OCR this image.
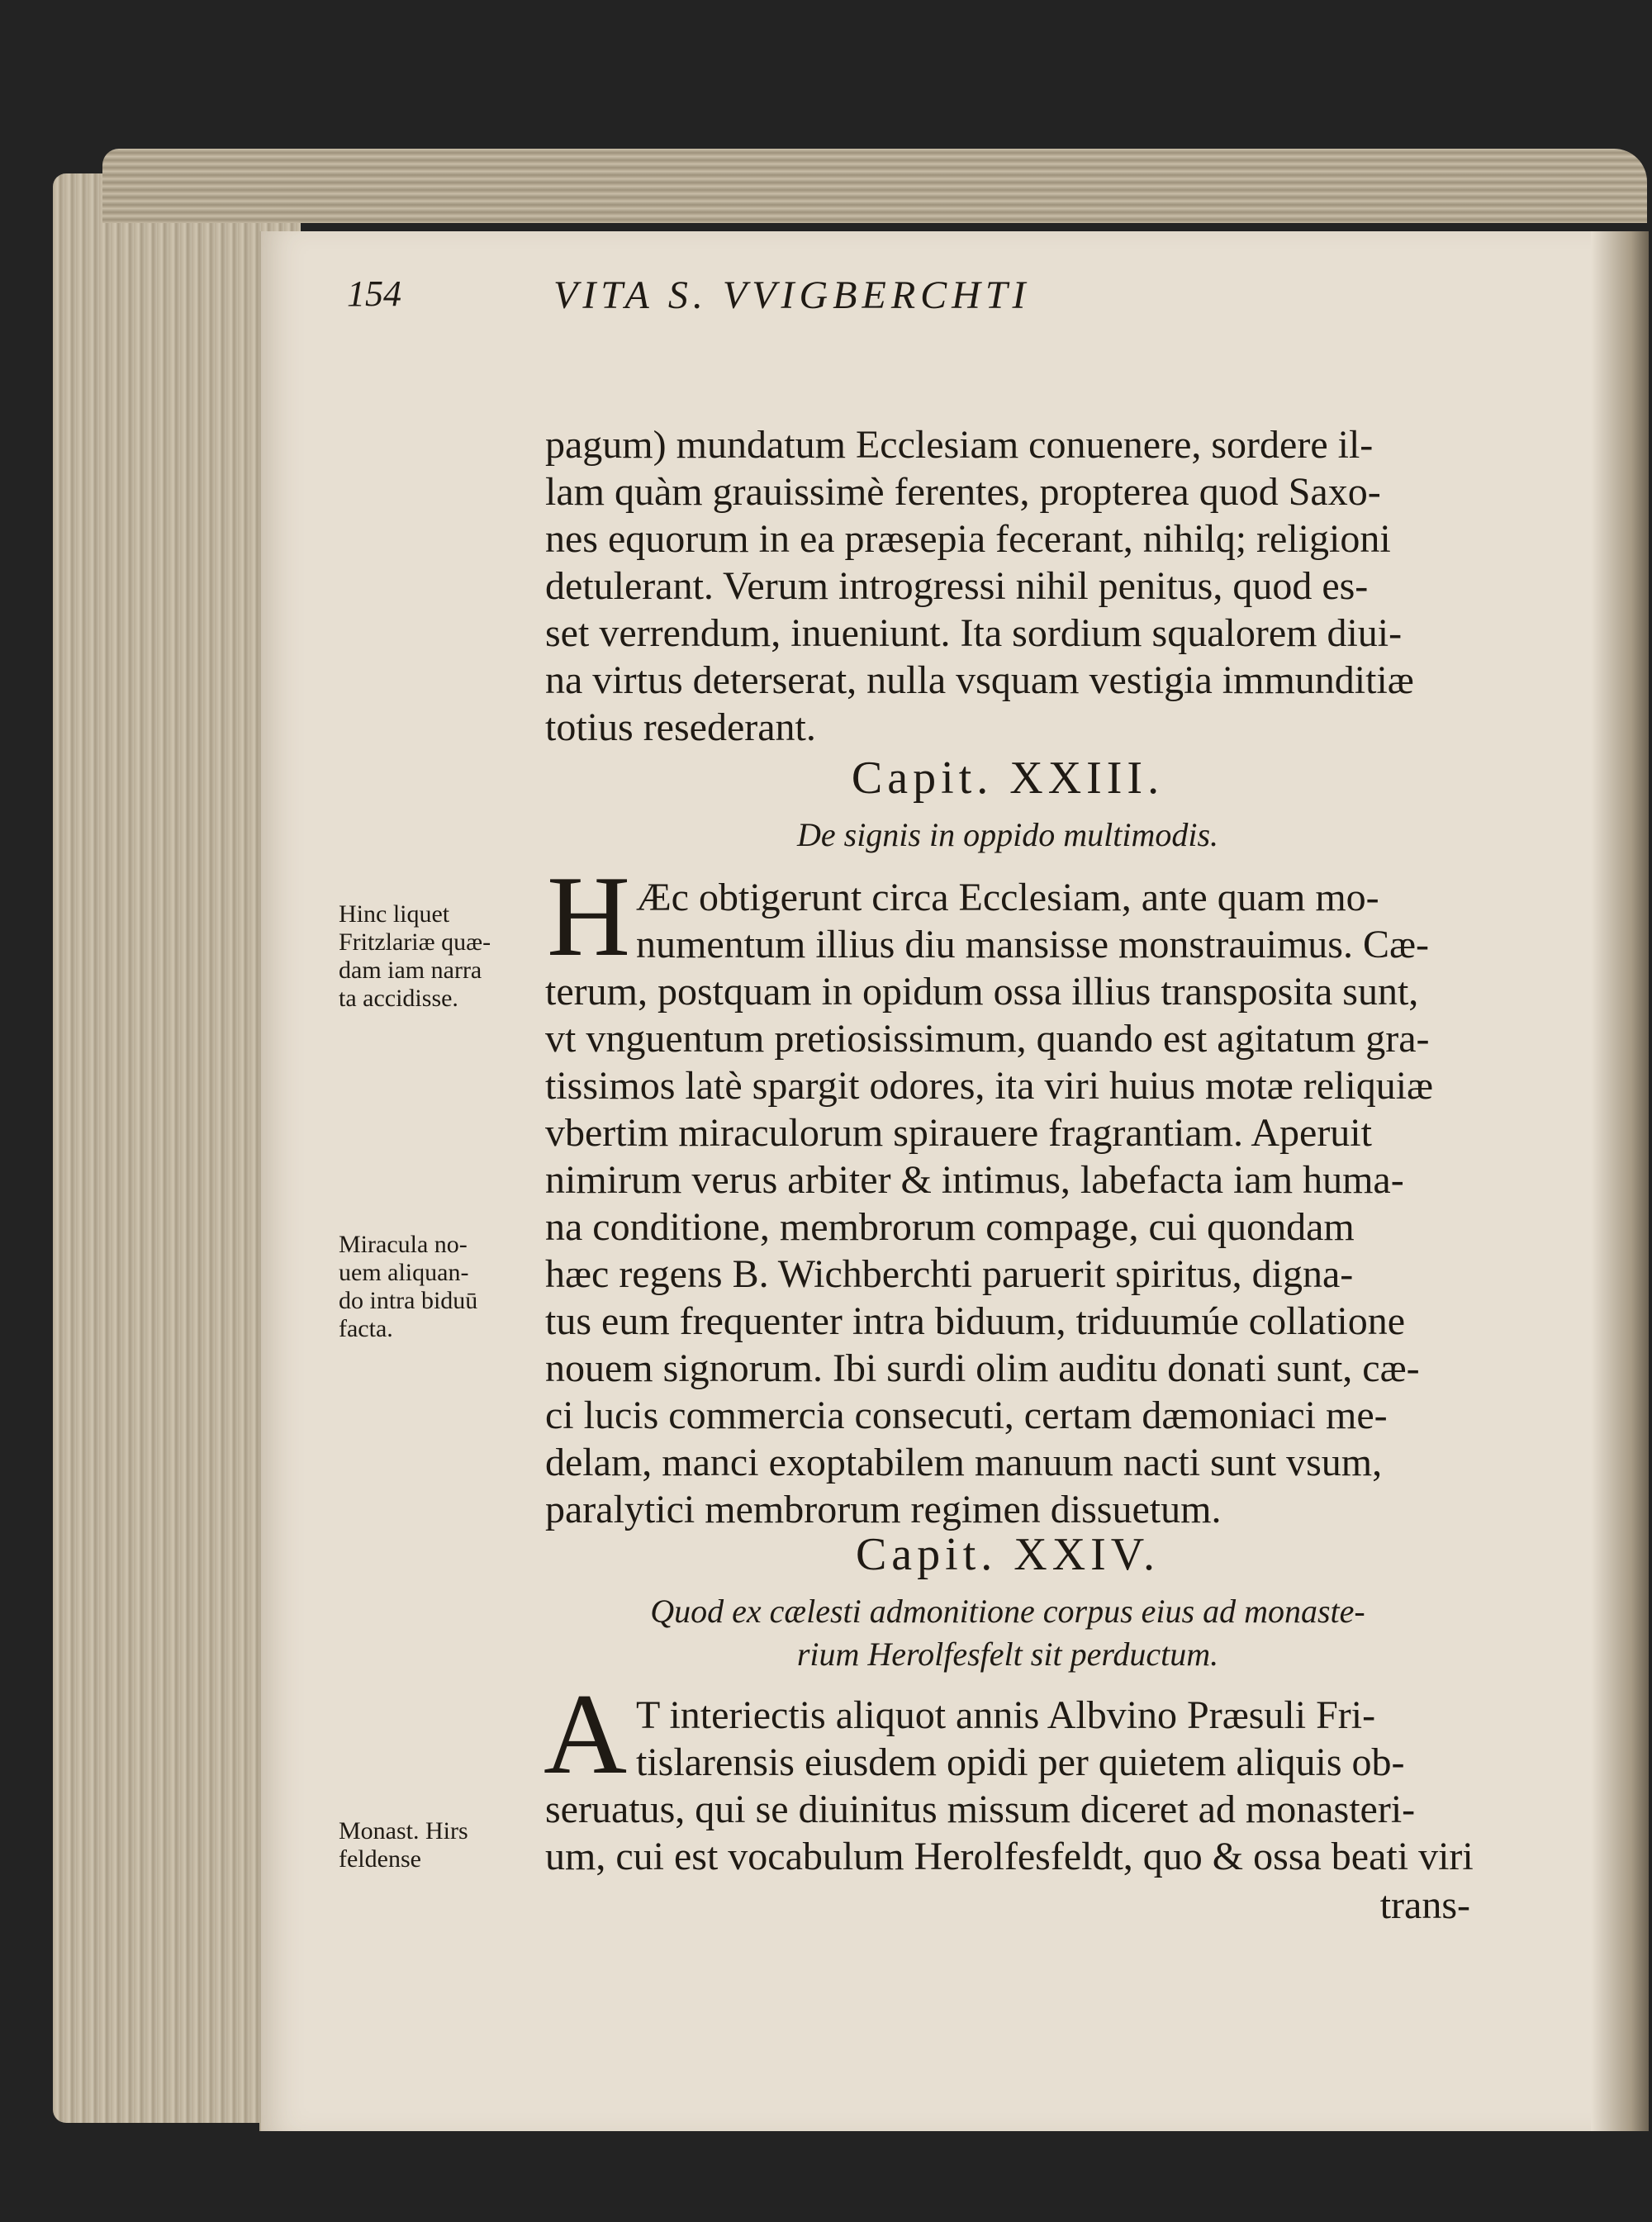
154	VITA S. VVIGBERCHTI
pagum) mundatum Ecclesiam conuenere, sordere il-
lam quàm grauissimè ferentes, propterea quod Saxo-
nes equorum in ea præsepia fecerant, nihilq; religioni
detulerant. Verum introgressi nihil penitus, quod es-
set verrendum, inueniunt. Ita sordium squalorem diui-
na virtus deterserat, nulla vsquam vestigia immunditiæ
totius resederant.
Capit. XXIII.
De signis in oppido multimodis.
H Æc obtigerunt circa Ecclesiam, ante quam mo-
numentum illius diu mansisse monstrauimus. Cæ-
terum, postquam in opidum ossa illius transposita sunt,
vt vnguentum pretiosissimum, quando est agitatum gra-
tissimos latè spargit odores, ita viri huius motæ reliquiæ
vbertim miraculorum spirauere fragrantiam. Aperuit
nimirum verus arbiter & intimus, labefacta iam huma-
na conditione, membrorum compage, cui quondam
hæc regens B. Wichberchti paruerit spiritus, digna-
tus eum frequenter intra biduum, triduumúe collatione
nouem signorum. Ibi surdi olim auditu donati sunt, cæ-
ci lucis commercia consecuti, certam dæmoniaci me-
delam, manci exoptabilem manuum nacti sunt vsum,
paralytici membrorum regimen dissuetum.
Capit. XXIV.
Quod ex cælesti admonitione corpus eius ad monaste-
rium Herolfesfelt sit perductum.
A T interiectis aliquot annis Albvino Præsuli Fri-
tislarensis eiusdem opidi per quietem aliquis ob-
seruatus, qui se diuinitus missum diceret ad monasteri-
um, cui est vocabulum Herolfesfeldt, quo & ossa beati viri
trans-
Hinc liquet
Fritzlariæ quæ-
dam iam narra
ta accidisse.
Miracula no-
uem aliquan-
do intra biduū
facta.
Monast. Hirs
feldense
